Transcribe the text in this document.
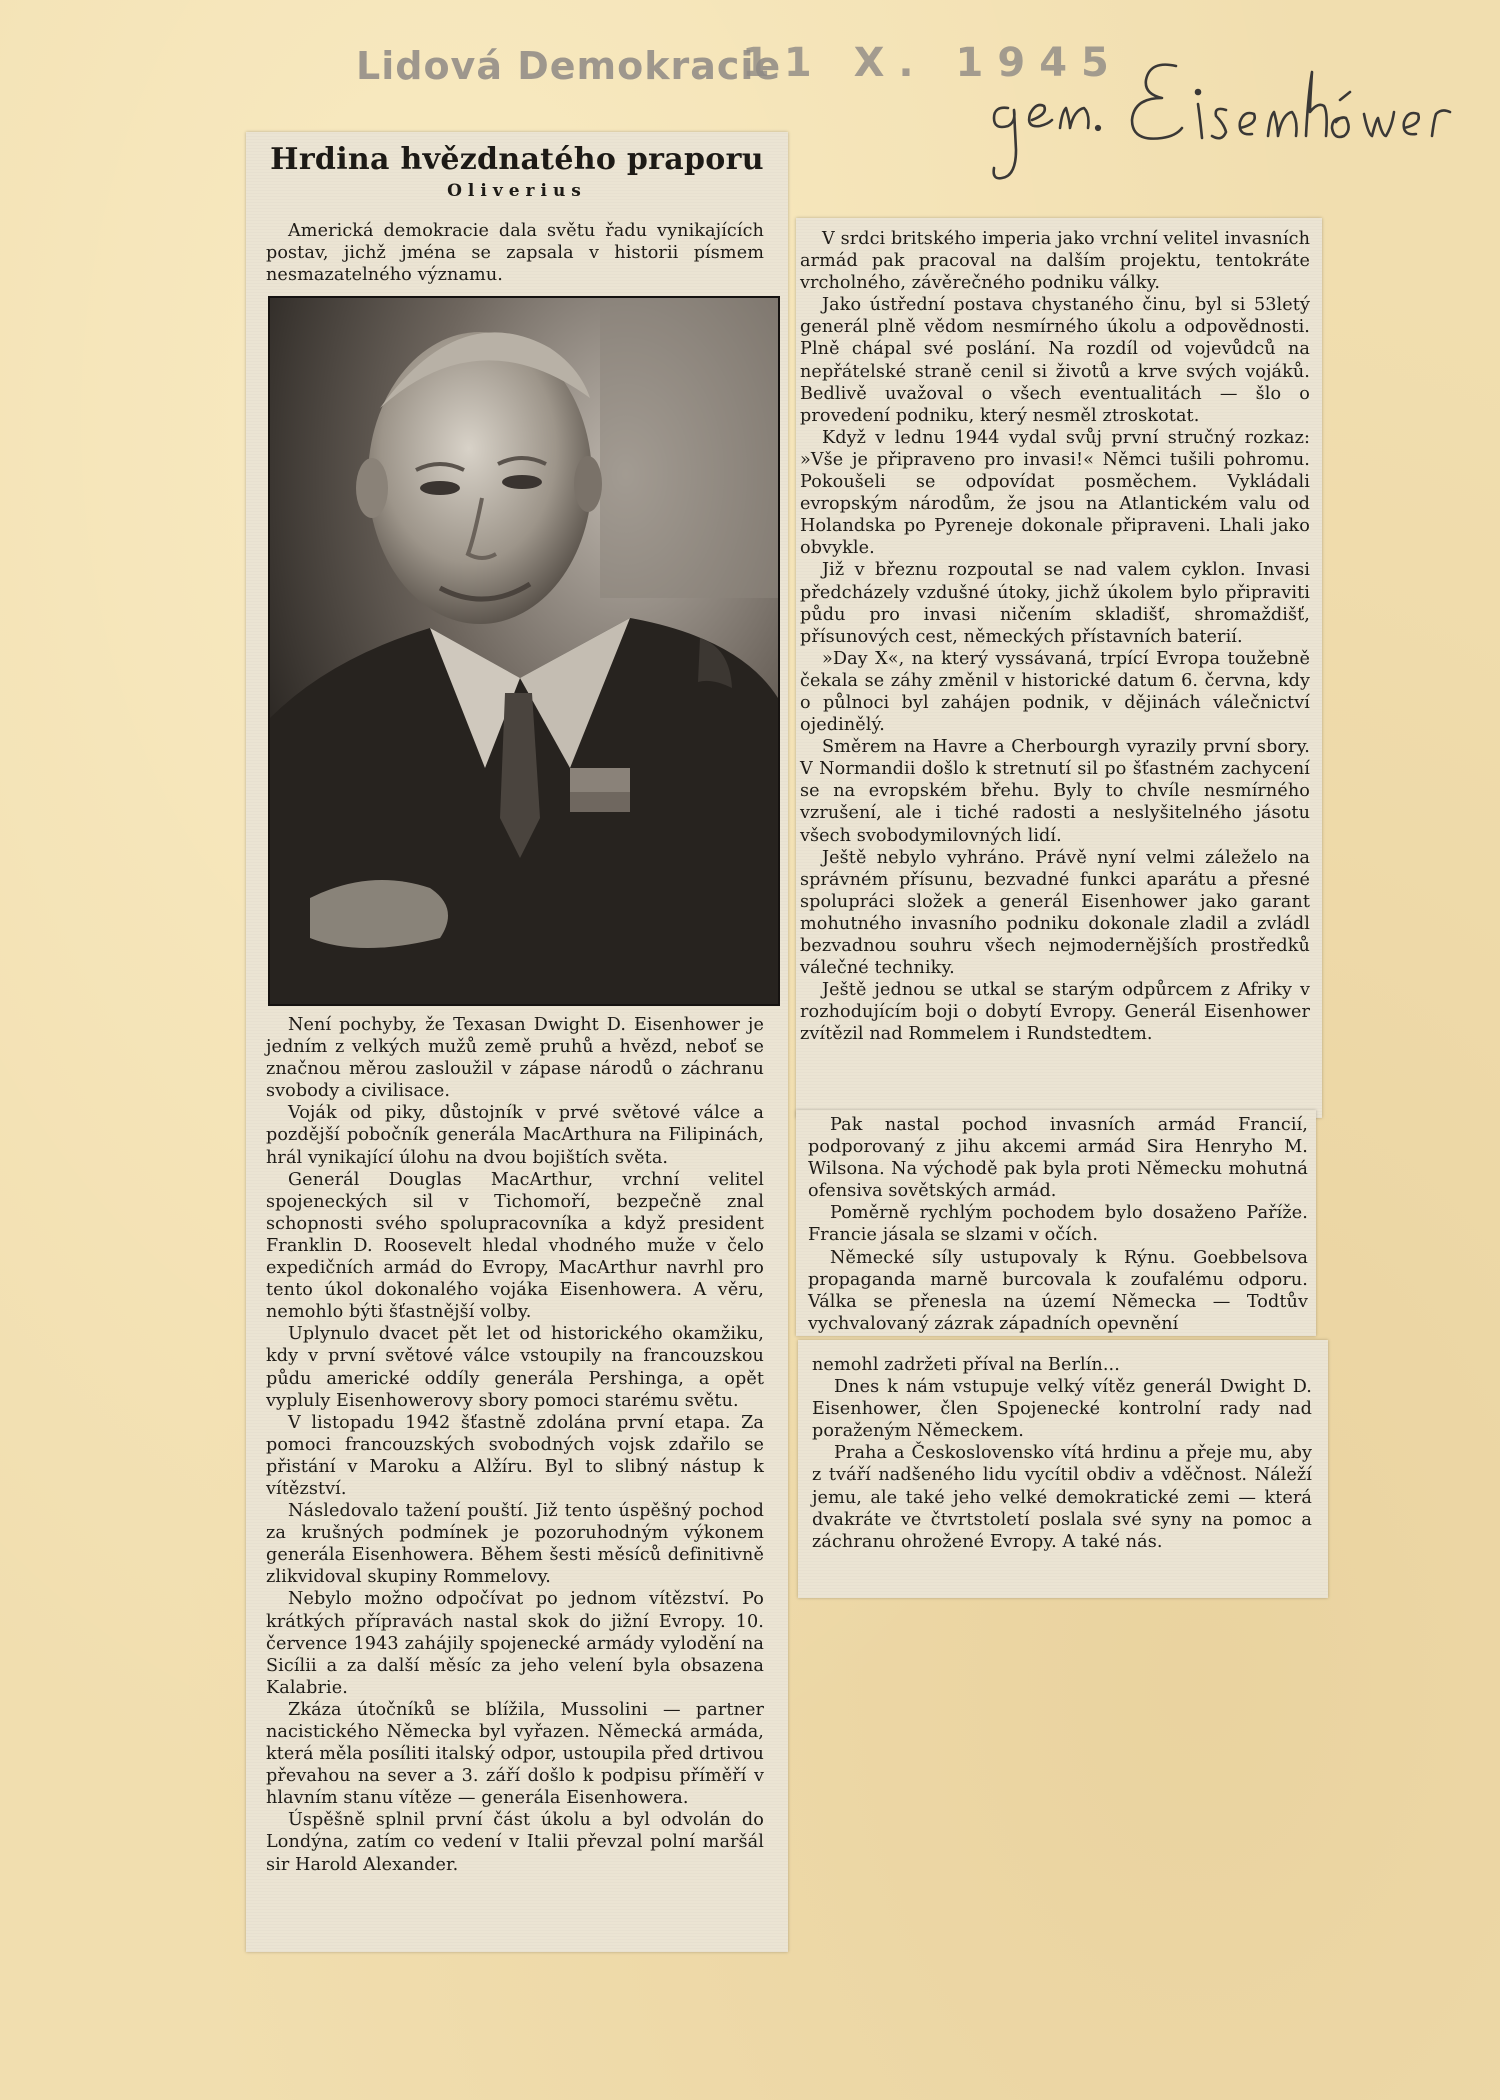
Lidová Demokracie
11 X. 1945
Hrdina hvězdnatého praporu
Oliverius

Americká demokracie dala světu řadu vynikajících postav, jichž jména se zapsala v historii písmem nesmazatelného významu.

Není pochyby, že Texasan Dwight D. Eisenhower je jedním z velkých mužů země pruhů a hvězd, neboť se značnou měrou zasloužil v zápase národů o záchranu svobody a civilisace.

Voják od piky, důstojník v prvé světové válce a pozdější pobočník generála MacArthura na Filipinách, hrál vynikající úlohu na dvou bojištích světa.

Generál Douglas MacArthur, vrchní velitel spojeneckých sil v Tichomoří, bezpečně znal schopnosti svého spolupracovníka a když president Franklin D. Roosevelt hledal vhodného muže v čelo expedičních armád do Evropy, MacArthur navrhl pro tento úkol dokonalého vojáka Eisenhowera. A věru, nemohlo býti šťastnější volby.

Uplynulo dvacet pět let od historického okamžiku, kdy v první světové válce vstoupily na francouzskou půdu americké oddíly generála Pershinga, a opět vypluly Eisenhowerovy sbory pomoci starému světu.

V listopadu 1942 šťastně zdolána první etapa. Za pomoci francouzských svobodných vojsk zdařilo se přistání v Maroku a Alžíru. Byl to slibný nástup k vítězství.

Následovalo tažení pouští. Již tento úspěšný pochod za krušných podmínek je pozoruhodným výkonem generála Eisenhowera. Během šesti měsíců definitivně zlikvidoval skupiny Rommelovy.

Nebylo možno odpočívat po jednom vítězství. Po krátkých přípravách nastal skok do jižní Evropy. 10. července 1943 zahájily spojenecké armády vylodění na Sicílii a za další měsíc za jeho velení byla obsazena Kalabrie.

Zkáza útočníků se blížila, Mussolini — partner nacistického Německa byl vyřazen. Německá armáda, která měla posíliti italský odpor, ustoupila před drtivou převahou na sever a 3. září došlo k podpisu příměří v hlavním stanu vítěze — generála Eisenhowera.

Úspěšně splnil první část úkolu a byl odvolán do Londýna, zatím co vedení v Italii převzal polní maršál sir Harold Alexander.

V srdci britského imperia jako vrchní velitel invasních armád pak pracoval na dalším projektu, tentokráte vrcholného, závěrečného podniku války.

Jako ústřední postava chystaného činu, byl si 53letý generál plně vědom nesmírného úkolu a odpovědnosti. Plně chápal své poslání. Na rozdíl od vojevůdců na nepřátelské straně cenil si životů a krve svých vojáků. Bedlivě uvažoval o všech eventualitách — šlo o provedení podniku, který nesměl ztroskotat.

Když v lednu 1944 vydal svůj první stručný rozkaz: »Vše je připraveno pro invasi!« Němci tušili pohromu. Pokoušeli se odpovídat posměchem. Vykládali evropským národům, že jsou na Atlantickém valu od Holandska po Pyreneje dokonale připraveni. Lhali jako obvykle.

Již v březnu rozpoutal se nad valem cyklon. Invasi předcházely vzdušné útoky, jichž úkolem bylo připraviti půdu pro invasi ničením skladišť, shromaždišť, přísunových cest, německých přístavních baterií.

»Day X«, na který vyssávaná, trpící Evropa toužebně čekala se záhy změnil v historické datum 6. června, kdy o půlnoci byl zahájen podnik, v dějinách válečnictví ojedinělý.

Směrem na Havre a Cherbourgh vyrazily první sbory. V Normandii došlo k stretnutí sil po šťastném zachycení se na evropském břehu. Byly to chvíle nesmírného vzrušení, ale i tiché radosti a neslyšitelného jásotu všech svobodymilovných lidí.

Ještě nebylo vyhráno. Právě nyní velmi záleželo na správném přísunu, bezvadné funkci aparátu a přesné spolupráci složek a generál Eisenhower jako garant mohutného invasního podniku dokonale zladil a zvládl bezvadnou souhru všech nejmodernějších prostředků válečné techniky.

Ještě jednou se utkal se starým odpůrcem z Afriky v rozhodujícím boji o dobytí Evropy. Generál Eisenhower zvítězil nad Rommelem i Rundstedtem.

Pak nastal pochod invasních armád Francií, podporovaný z jihu akcemi armád Sira Henryho M. Wilsona. Na východě pak byla proti Německu mohutná ofensiva sovětských armád.

Poměrně rychlým pochodem bylo dosaženo Paříže. Francie jásala se slzami v očích.

Německé síly ustupovaly k Rýnu. Goebbelsova propaganda marně burcovala k zoufalému odporu. Válka se přenesla na území Německa — Todtův vychvalovaný zázrak západních opevnění

nemohl zadržeti příval na Berlín...

Dnes k nám vstupuje velký vítěz generál Dwight D. Eisenhower, člen Spojenecké kontrolní rady nad poraženým Německem.

Praha a Československo vítá hrdinu a přeje mu, aby z tváří nadšeného lidu vycítil obdiv a vděčnost. Náleží jemu, ale také jeho velké demokratické zemi — která dvakráte ve čtvrtstoletí poslala své syny na pomoc a záchranu ohrožené Evropy. A také nás.
